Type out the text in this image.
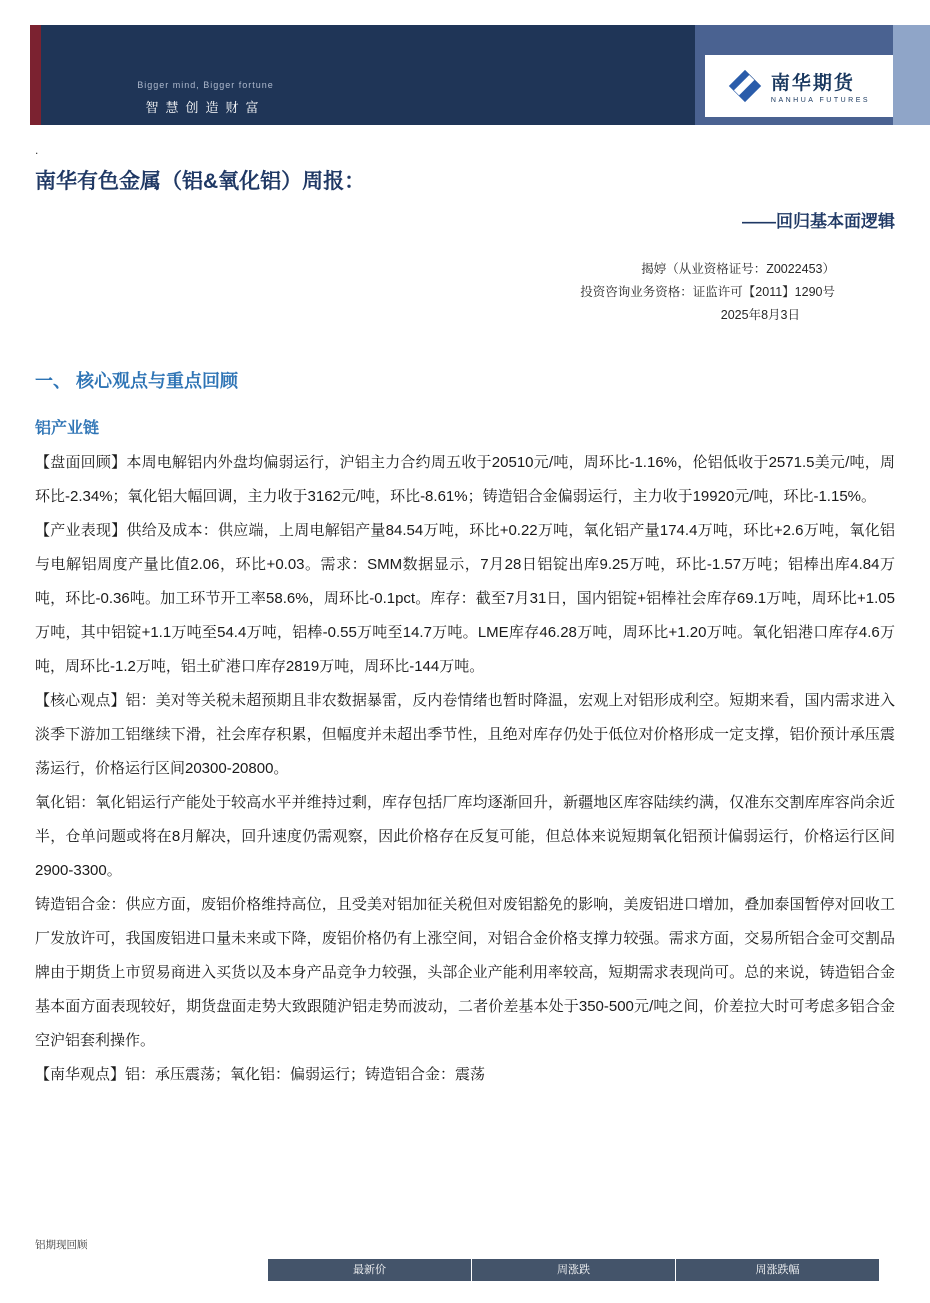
Bigger mind, Bigger fortune
智慧创造财富
南华期货
NANHUA FUTURES
.
南华有色金属（铝&氧化铝）周报：
——回归基本面逻辑
揭婷（从业资格证号：Z0022453）
投资咨询业务资格：证监许可【2011】1290号
2025年8月3日
一、 核心观点与重点回顾
铝产业链

【盘面回顾】本周电解铝内外盘均偏弱运行，沪铝主力合约周五收于20510元/吨，周环比-1.16%，伦铝低收于2571.5美元/吨，周环比-2.34%；氧化铝大幅回调，主力收于3162元/吨，环比-8.61%；铸造铝合金偏弱运行，主力收于19920元/吨，环比-1.15%。

【产业表现】供给及成本：供应端，上周电解铝产量84.54万吨，环比+0.22万吨，氧化铝产量174.4万吨，环比+2.6万吨，氧化铝与电解铝周度产量比值2.06，环比+0.03。需求：SMM数据显示，7月28日铝锭出库9.25万吨，环比-1.57万吨；铝棒出库4.84万吨，环比-0.36吨。加工环节开工率58.6%，周环比-0.1pct。库存：截至7月31日，国内铝锭+铝棒社会库存69.1万吨，周环比+1.05万吨，其中铝锭+1.1万吨至54.4万吨，铝棒-0.55万吨至14.7万吨。LME库存46.28万吨，周环比+1.20万吨。氧化铝港口库存4.6万吨，周环比-1.2万吨，铝土矿港口库存2819万吨，周环比-144万吨。

【核心观点】铝：美对等关税未超预期且非农数据暴雷，反内卷情绪也暂时降温，宏观上对铝形成利空。短期来看，国内需求进入淡季下游加工铝继续下滑，社会库存积累，但幅度并未超出季节性，且绝对库存仍处于低位对价格形成一定支撑，铝价预计承压震荡运行，价格运行区间20300-20800。

氧化铝：氧化铝运行产能处于较高水平并维持过剩，库存包括厂库均逐渐回升，新疆地区库容陆续约满，仅准东交割库库容尚余近半，仓单问题或将在8月解决，回升速度仍需观察，因此价格存在反复可能，但总体来说短期氧化铝预计偏弱运行，价格运行区间2900-3300。

铸造铝合金：供应方面，废铝价格维持高位，且受美对铝加征关税但对废铝豁免的影响，美废铝进口增加，叠加泰国暂停对回收工厂发放许可，我国废铝进口量未来或下降，废铝价格仍有上涨空间，对铝合金价格支撑力较强。需求方面，交易所铝合金可交割品牌由于期货上市贸易商进入买货以及本身产品竞争力较强，头部企业产能利用率较高，短期需求表现尚可。总的来说，铸造铝合金基本面方面表现较好，期货盘面走势大致跟随沪铝走势而波动，二者价差基本处于350-500元/吨之间，价差拉大时可考虑多铝合金空沪铝套利操作。

【南华观点】铝：承压震荡；氧化铝：偏弱运行；铸造铝合金：震荡

铝期现回顾
最新价	周涨跌	周涨跌幅
